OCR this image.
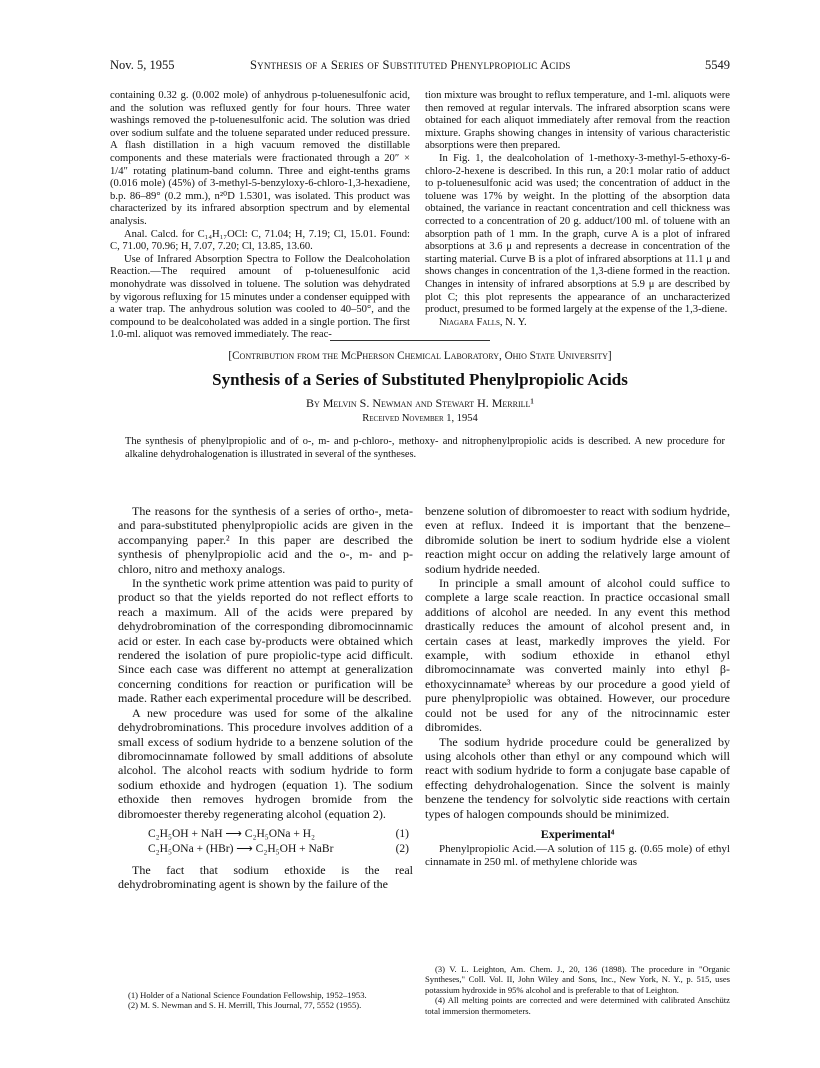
Nov. 5, 1955	Synthesis of a Series of Substituted Phenylpropiolic Acids	5549

containing 0.32 g. (0.002 mole) of anhydrous p-toluenesulfonic acid, and the solution was refluxed gently for four hours. Three water washings removed the p-toluenesulfonic acid. The solution was dried over sodium sulfate and the toluene separated under reduced pressure. A flash distillation in a high vacuum removed the distillable components and these materials were fractionated through a 20″ × 1/4″ rotating platinum-band column. Three and eight-tenths grams (0.016 mole) (45%) of 3-methyl-5-benzyloxy-6-chloro-1,3-hexadiene, b.p. 86–89° (0.2 mm.), n²⁰D 1.5301, was isolated. This product was characterized by its infrared absorption spectrum and by elemental analysis.

Anal. Calcd. for C₁₄H₁₇OCl: C, 71.04; H, 7.19; Cl, 15.01. Found: C, 71.00, 70.96; H, 7.07, 7.20; Cl, 13.85, 13.60.

Use of Infrared Absorption Spectra to Follow the Dealcoholation Reaction.—The required amount of p-toluenesulfonic acid monohydrate was dissolved in toluene. The solution was dehydrated by vigorous refluxing for 15 minutes under a condenser equipped with a water trap. The anhydrous solution was cooled to 40–50°, and the compound to be dealcoholated was added in a single portion. The first 1.0-ml. aliquot was removed immediately. The reac-

tion mixture was brought to reflux temperature, and 1-ml. aliquots were then removed at regular intervals. The infrared absorption scans were obtained for each aliquot immediately after removal from the reaction mixture. Graphs showing changes in intensity of various characteristic absorptions were then prepared.

In Fig. 1, the dealcoholation of 1-methoxy-3-methyl-5-ethoxy-6-chloro-2-hexene is described. In this run, a 20:1 molar ratio of adduct to p-toluenesulfonic acid was used; the concentration of adduct in the toluene was 17% by weight. In the plotting of the absorption data obtained, the variance in reactant concentration and cell thickness was corrected to a concentration of 20 g. adduct/100 ml. of toluene with an absorption path of 1 mm. In the graph, curve A is a plot of infrared absorptions at 3.6 μ and represents a decrease in concentration of the starting material. Curve B is a plot of infrared absorptions at 11.1 μ and shows changes in concentration of the 1,3-diene formed in the reaction. Changes in intensity of infrared absorptions at 5.9 μ are described by plot C; this plot represents the appearance of an uncharacterized product, presumed to be formed largely at the expense of the 1,3-diene.

Niagara Falls, N. Y.

[Contribution from the McPherson Chemical Laboratory, Ohio State University]
Synthesis of a Series of Substituted Phenylpropiolic Acids
By Melvin S. Newman and Stewart H. Merrill¹
Received November 1, 1954
The synthesis of phenylpropiolic and of o-, m- and p-chloro-, methoxy- and nitrophenylpropiolic acids is described. A new procedure for alkaline dehydrohalogenation is illustrated in several of the syntheses.

The reasons for the synthesis of a series of ortho-, meta- and para-substituted phenylpropiolic acids are given in the accompanying paper.² In this paper are described the synthesis of phenylpropiolic acid and the o-, m- and p-chloro, nitro and methoxy analogs.

In the synthetic work prime attention was paid to purity of product so that the yields reported do not reflect efforts to reach a maximum. All of the acids were prepared by dehydrobromination of the corresponding dibromocinnamic acid or ester. In each case by-products were obtained which rendered the isolation of pure propiolic-type acid difficult. Since each case was different no attempt at generalization concerning conditions for reaction or purification will be made. Rather each experimental procedure will be described.

A new procedure was used for some of the alkaline dehydrobrominations. This procedure involves addition of a small excess of sodium hydride to a benzene solution of the dibromocinnamate followed by small additions of absolute alcohol. The alcohol reacts with sodium hydride to form sodium ethoxide and hydrogen (equation 1). The sodium ethoxide then removes hydrogen bromide from the dibromoester thereby regenerating alcohol (equation 2).

C₂H₅OH + NaH ⟶ C₂H₅ONa + H₂	(1)
C₂H₅ONa + (HBr) ⟶ C₂H₅OH + NaBr	(2)

The fact that sodium ethoxide is the real dehydrobrominating agent is shown by the failure of the

(1) Holder of a National Science Foundation Fellowship, 1952–1953.

(2) M. S. Newman and S. H. Merrill, This Journal, 77, 5552 (1955).

benzene solution of dibromoester to react with sodium hydride, even at reflux. Indeed it is important that the benzene–dibromide solution be inert to sodium hydride else a violent reaction might occur on adding the relatively large amount of sodium hydride needed.

In principle a small amount of alcohol could suffice to complete a large scale reaction. In practice occasional small additions of alcohol are needed. In any event this method drastically reduces the amount of alcohol present and, in certain cases at least, markedly improves the yield. For example, with sodium ethoxide in ethanol ethyl dibromocinnamate was converted mainly into ethyl β-ethoxycinnamate³ whereas by our procedure a good yield of pure phenylpropiolic was obtained. However, our procedure could not be used for any of the nitrocinnamic ester dibromides.

The sodium hydride procedure could be generalized by using alcohols other than ethyl or any compound which will react with sodium hydride to form a conjugate base capable of effecting dehydrohalogenation. Since the solvent is mainly benzene the tendency for solvolytic side reactions with certain types of halogen compounds should be minimized.

Experimental⁴

Phenylpropiolic Acid.—A solution of 115 g. (0.65 mole) of ethyl cinnamate in 250 ml. of methylene chloride was

(3) V. L. Leighton, Am. Chem. J., 20, 136 (1898). The procedure in "Organic Syntheses," Coll. Vol. II, John Wiley and Sons, Inc., New York, N. Y., p. 515, uses potassium hydroxide in 95% alcohol and is preferable to that of Leighton.

(4) All melting points are corrected and were determined with calibrated Anschütz total immersion thermometers.
